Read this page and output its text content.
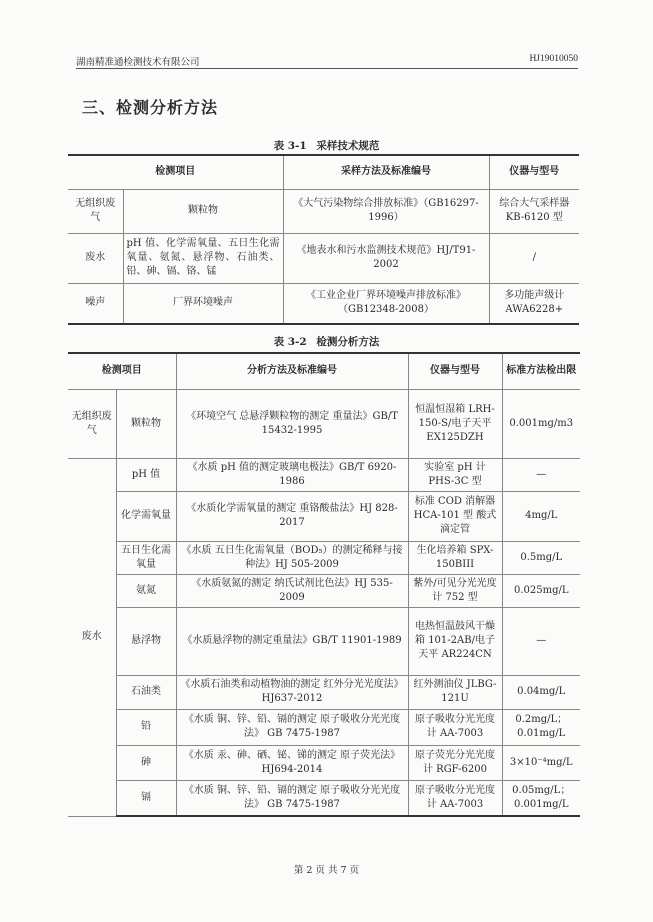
湖南精准通检测技术有限公司	HJ19010050
三、检测分析方法
表 3-1 采样技术规范
检测项目		采样方法及标准编号	仪器与型号
无组织废气	颗粒物	《大气污染物综合排放标准》（GB16297-1996）	综合大气采样器 KB-6120 型
废水	pH 值、化学需氧量、五日生化需氧量、氨氮、悬浮物、石油类、铅、砷、镉、铬、锰	《地表水和污水监测技术规范》HJ/T91-2002	/
噪声	厂界环境噪声	《工业企业厂界环境噪声排放标准》（GB12348-2008）	多功能声级计 AWA6228+
表 3-2 检测分析方法
检测项目		分析方法及标准编号	仪器与型号	标准方法检出限
无组织废气	颗粒物	《环境空气 总悬浮颗粒物的测定 重量法》GB/T 15432-1995	恒温恒湿箱 LRH-150-S/电子天平 EX125DZH	0.001mg/m3
废水	pH 值	《水质 pH 值的测定玻璃电极法》GB/T 6920-1986	实验室 pH 计 PHS-3C 型	—
	化学需氧量	《水质化学需氧量的测定 重铬酸盐法》HJ 828-2017	标准 COD 消解器 HCA-101 型 酸式滴定管	4mg/L
	五日生化需氧量	《水质 五日生化需氧量（BOD₅）的测定稀释与接种法》HJ 505-2009	生化培养箱 SPX-150BIII	0.5mg/L
	氨氮	《水质氨氮的测定 纳氏试剂比色法》HJ 535-2009	紫外/可见分光光度计 752 型	0.025mg/L
	悬浮物	《水质悬浮物的测定重量法》GB/T 11901-1989	电热恒温鼓风干燥箱 101-2AB/电子天平 AR224CN	—
	石油类	《水质石油类和动植物油的测定 红外分光光度法》HJ637-2012	红外测油仪 JLBG-121U	0.04mg/L
	铅	《水质 铜、锌、铅、镉的测定 原子吸收分光光度法》 GB 7475-1987	原子吸收分光光度计 AA-7003	0.2mg/L；0.01mg/L
	砷	《水质 汞、砷、硒、铋、锑的测定 原子荧光法》HJ694-2014	原子荧光分光光度计 RGF-6200	3×10⁻⁴mg/L
	镉	《水质 铜、锌、铅、镉的测定 原子吸收分光光度法》 GB 7475-1987	原子吸收分光光度计 AA-7003	0.05mg/L；0.001mg/L
第 2 页 共 7 页
